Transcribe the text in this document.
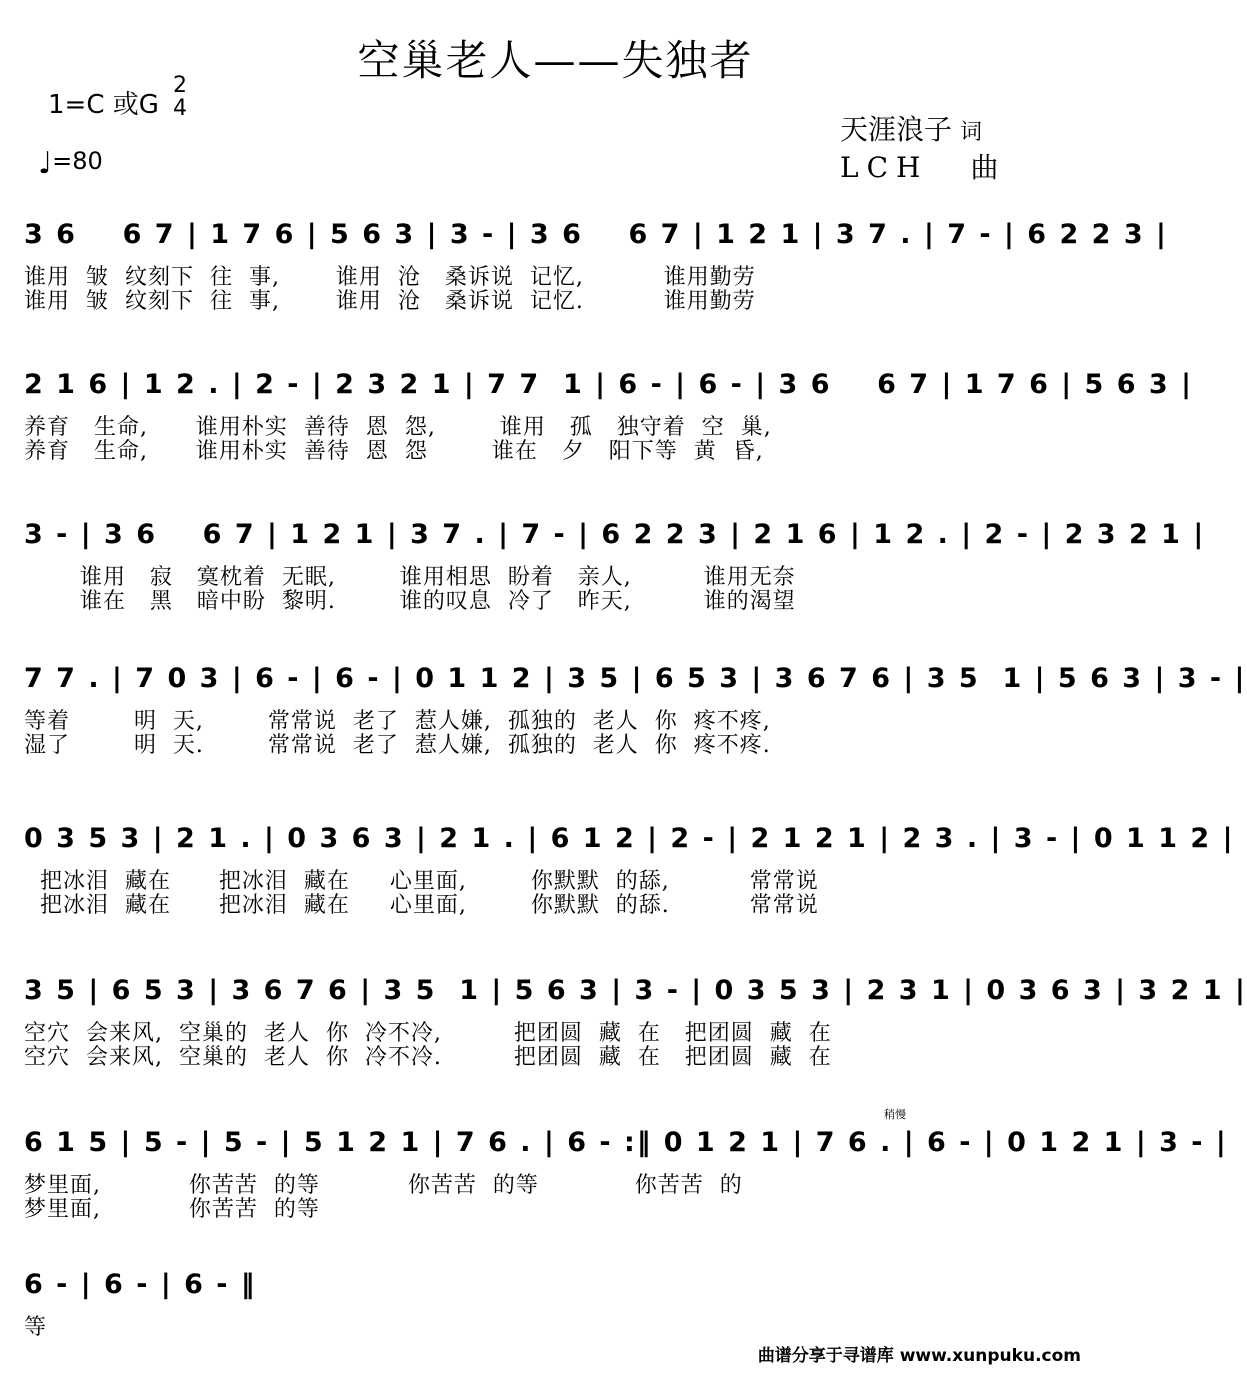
空巢老人——失独者
1=C 或G
2
4
♩=80
天涯浪子 词
LCH 曲
3 6    6 7 | 1 7 6 | 5 6 3 | 3 - | 3 6    6 7 | 1 2 1 | 3 7 . | 7 - | 6 2 2 3 |
谁用  皱  纹刻下  往  事,       谁用  沧   桑诉说  记忆,          谁用勤劳
谁用  皱  纹刻下  往  事,       谁用  沧   桑诉说  记忆.          谁用勤劳
2 1 6 | 1 2 . | 2 - | 2 3 2 1 | 7 7  1 | 6 - | 6 - | 3 6    6 7 | 1 7 6 | 5 6 3 |
养育   生命,      谁用朴实  善待  恩  怨,        谁用   孤   独守着  空  巢,
养育   生命,      谁用朴实  善待  恩  怨        谁在   夕   阳下等  黄  昏,
3 - | 3 6    6 7 | 1 2 1 | 3 7 . | 7 - | 6 2 2 3 | 2 1 6 | 1 2 . | 2 - | 2 3 2 1 |
谁用   寂   寞枕着  无眠,        谁用相思  盼着   亲人,         谁用无奈
谁在   黑   暗中盼  黎明.        谁的叹息  冷了   昨天,         谁的渴望
7 7 . | 7 0 3 | 6 - | 6 - | 0 1 1 2 | 3 5 | 6 5 3 | 3 6 7 6 | 3 5  1 | 5 6 3 | 3 - |
等着        明  天,        常常说  老了  惹人嫌,  孤独的  老人  你  疼不疼,
湿了        明  天.        常常说  老了  惹人嫌,  孤独的  老人  你  疼不疼.
0 3 5 3 | 2 1 . | 0 3 6 3 | 2 1 . | 6 1 2 | 2 - | 2 1 2 1 | 2 3 . | 3 - | 0 1 1 2 |
把冰泪  藏在      把冰泪  藏在     心里面,        你默默  的舔,          常常说
把冰泪  藏在      把冰泪  藏在     心里面,        你默默  的舔.          常常说
3 5 | 6 5 3 | 3 6 7 6 | 3 5  1 | 5 6 3 | 3 - | 0 3 5 3 | 2 3 1 | 0 3 6 3 | 3 2 1 |
空穴  会来风,  空巢的  老人  你  冷不冷,         把团圆  藏  在   把团圆  藏  在
空穴  会来风,  空巢的  老人  你  冷不冷.         把团圆  藏  在   把团圆  藏  在
稍慢
6 1 5 | 5 - | 5 - | 5 1 2 1 | 7 6 . | 6 - :‖ 0 1 2 1 | 7 6 . | 6 - | 0 1 2 1 | 3 - |
梦里面,           你苦苦  的等           你苦苦  的等            你苦苦  的
梦里面,           你苦苦  的等
6 - | 6 - | 6 - ‖
等
曲谱分享于寻谱库 www.xunpuku.com
